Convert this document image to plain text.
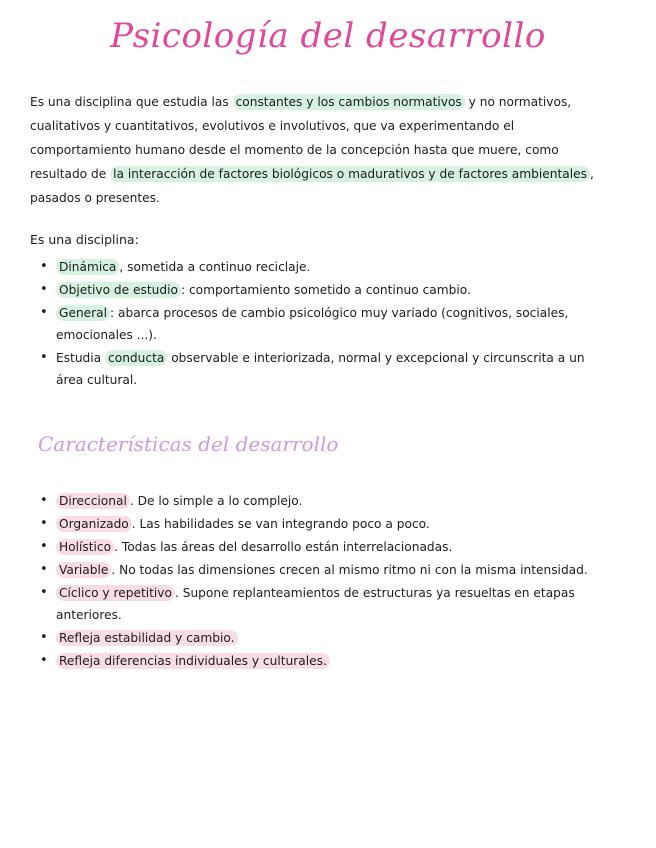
Psicología del desarrollo

Es una disciplina que estudia las constantes y los cambios normativos y no normativos, cualitativos y cuantitativos, evolutivos e involutivos, que va experimentando el comportamiento humano desde el momento de la concepción hasta que muere, como resultado de la interacción de factores biológicos o madurativos y de factores ambientales , pasados o presentes.

Es una disciplina:

• Dinámica , sometida a continuo reciclaje.
• Objetivo de estudio : comportamiento sometido a continuo cambio.
• General : abarca procesos de cambio psicológico muy variado (cognitivos, sociales, emocionales ...).
• Estudia conducta observable e interiorizada, normal y excepcional y circunscrita a un área cultural.
Características del desarrollo
• Direccional . De lo simple a lo complejo.
• Organizado . Las habilidades se van integrando poco a poco.
• Holístico . Todas las áreas del desarrollo están interrelacionadas.
• Variable . No todas las dimensiones crecen al mismo ritmo ni con la misma intensidad.
• Cíclico y repetitivo . Supone replanteamientos de estructuras ya resueltas en etapas anteriores.
• Refleja estabilidad y cambio.
• Refleja diferencias individuales y culturales.
